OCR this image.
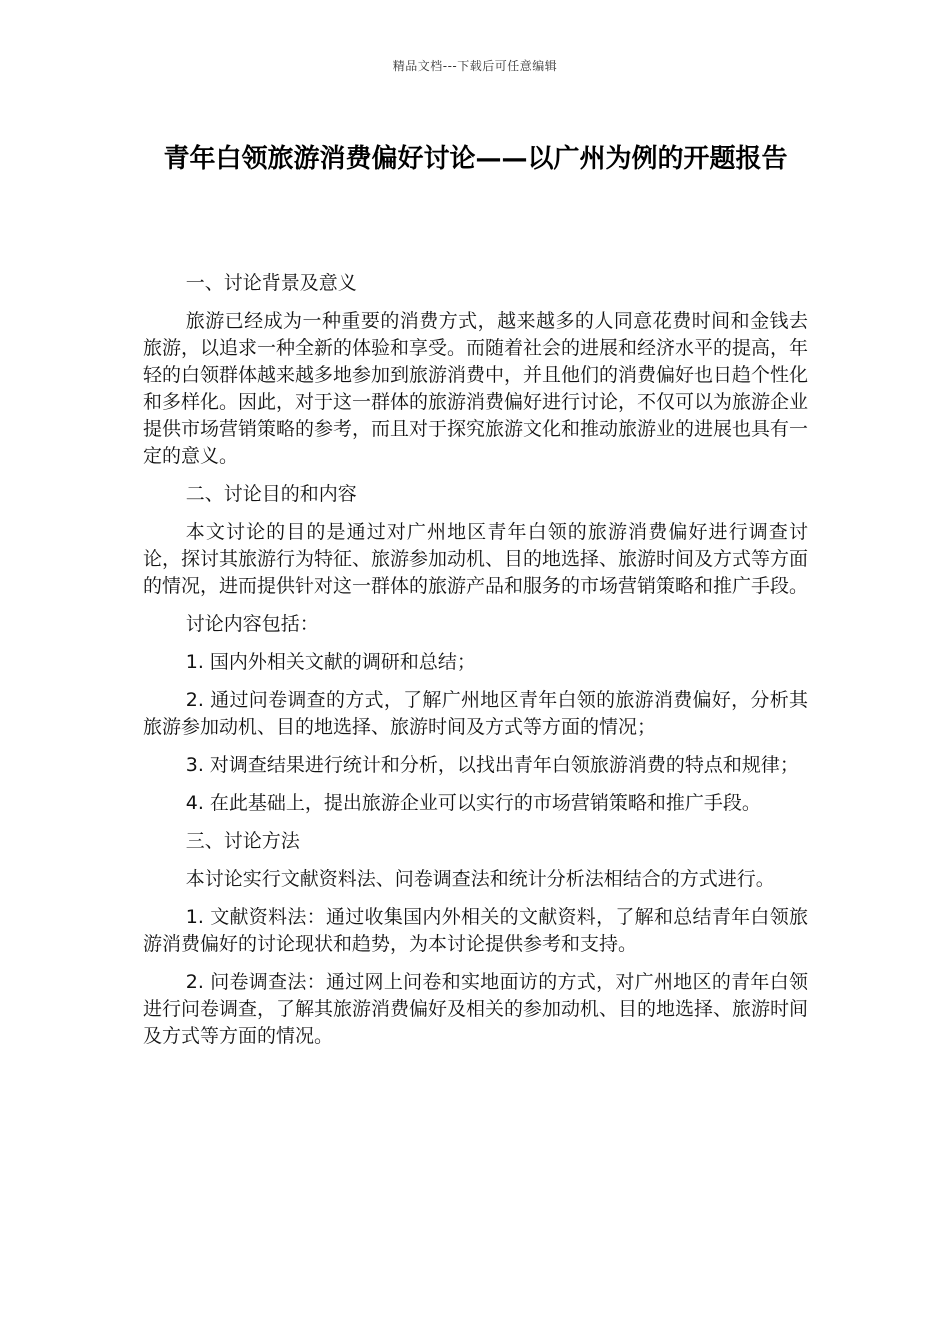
精品文档---下载后可任意编辑
青年白领旅游消费偏好讨论——以广州为例的开题报告

一、讨论背景及意义

旅游已经成为一种重要的消费方式，越来越多的人同意花费时间和金钱去旅游，以追求一种全新的体验和享受。而随着社会的进展和经济水平的提高，年轻的白领群体越来越多地参加到旅游消费中，并且他们的消费偏好也日趋个性化和多样化。因此，对于这一群体的旅游消费偏好进行讨论，不仅可以为旅游企业提供市场营销策略的参考，而且对于探究旅游文化和推动旅游业的进展也具有一定的意义。

二、讨论目的和内容

本文讨论的目的是通过对广州地区青年白领的旅游消费偏好进行调查讨论，探讨其旅游行为特征、旅游参加动机、目的地选择、旅游时间及方式等方面的情况，进而提供针对这一群体的旅游产品和服务的市场营销策略和推广手段。

讨论内容包括：

1. 国内外相关文献的调研和总结；

2. 通过问卷调查的方式，了解广州地区青年白领的旅游消费偏好，分析其旅游参加动机、目的地选择、旅游时间及方式等方面的情况；

3. 对调查结果进行统计和分析，以找出青年白领旅游消费的特点和规律；

4. 在此基础上，提出旅游企业可以实行的市场营销策略和推广手段。

三、讨论方法

本讨论实行文献资料法、问卷调查法和统计分析法相结合的方式进行。

1. 文献资料法：通过收集国内外相关的文献资料，了解和总结青年白领旅游消费偏好的讨论现状和趋势，为本讨论提供参考和支持。

2. 问卷调查法：通过网上问卷和实地面访的方式，对广州地区的青年白领进行问卷调查，了解其旅游消费偏好及相关的参加动机、目的地选择、旅游时间及方式等方面的情况。
